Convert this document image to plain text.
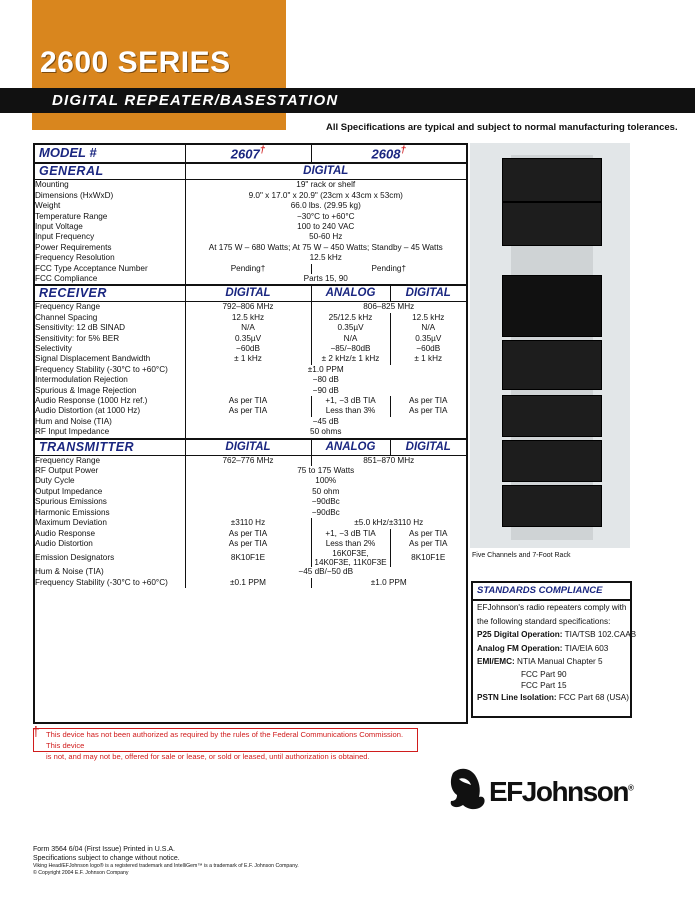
2600 SERIES
DIGITAL REPEATER/BASESTATION
All Specifications are typical and subject to normal manufacturing tolerances.
MODEL #	2607†	2608†
GENERAL	DIGITAL		
Mounting	19" rack or shelf		
Dimensions (HxWxD)	9.0" x 17.0" x 20.9" (23cm x 43cm x 53cm)		
Weight	66.0 lbs. (29.95 kg)		
Temperature Range	−30°C to +60°C		
Input Voltage	100 to 240 VAC		
Input Frequency	50-60 Hz		
Power Requirements	At 175 W – 680 Watts; At 75 W – 450 Watts; Standby – 45 Watts		
Frequency Resolution	12.5 kHz		
FCC Type Acceptance Number	Pending†	Pending†	
FCC Compliance	Parts 15, 90		
RECEIVER	DIGITAL	ANALOG	DIGITAL
Frequency Range	792–806 MHz	806–825 MHz	
Channel Spacing	12.5 kHz	25/12.5 kHz	12.5 kHz
Sensitivity: 12 dB SINAD	N/A	0.35µV	N/A
Sensitivity: for 5% BER	0.35µV	N/A	0.35µV
Selectivity	−60dB	−85/−80dB	−60dB
Signal Displacement Bandwidth	± 1 kHz	± 2 kHz/± 1 kHz	± 1 kHz
Frequency Stability (-30°C to +60°C)	±1.0 PPM		
Intermodulation Rejection	−80 dB		
Spurious & Image Rejection	−90 dB		
Audio Response (1000 Hz ref.)	As per TIA	+1, −3 dB TIA	As per TIA
Audio Distortion (at 1000 Hz)	As per TIA	Less than 3%	As per TIA
Hum and Noise (TIA)	−45 dB		
RF Input Impedance	50 ohms		
TRANSMITTER	DIGITAL	ANALOG	DIGITAL
Frequency Range	762–776 MHz	851–870 MHz	
RF Output Power	75 to 175 Watts		
Duty Cycle	100%		
Output Impedance	50 ohm		
Spurious Emissions	−90dBc		
Harmonic Emissions	−90dBc		
Maximum Deviation	±3110 Hz	±5.0 kHz/±3110 Hz	
Audio Response	As per TIA	+1, −3 dB TIA	As per TIA
Audio Distortion	As per TIA	Less than 2%	As per TIA
Emission Designators	8K10F1E	16K0F3E, 14K0F3E, 11K0F3E	8K10F1E
Hum & Noise (TIA)	−45 dB/−50 dB		
Frequency Stability (-30°C to +60°C)	±0.1 PPM	±1.0 PPM	
Five Channels and 7-Foot Rack
STANDARDS COMPLIANCE
EFJohnson's radio repeaters comply with
the following standard specifications:
P25 Digital Operation: TIA/TSB 102.CAAB
Analog FM Operation: TIA/EIA 603
EMI/EMC: NTIA Manual Chapter 5
FCC Part 90
FCC Part 15
PSTN Line Isolation: FCC Part 68 (USA)
† This device has not been authorized as required by the rules of the Federal Communications Commission. This device
is not, and may not be, offered for sale or lease, or sold or leased, until authorization is obtained.
EFJohnson®
Form 3564 6/04 (First Issue) Printed in U.S.A.
Specifications subject to change without notice.
Viking Head/EFJohnson logo® is a registered trademark and IntelliGem™ is a trademark of E.F. Johnson Company.
© Copyright 2004 E.F. Johnson Company
